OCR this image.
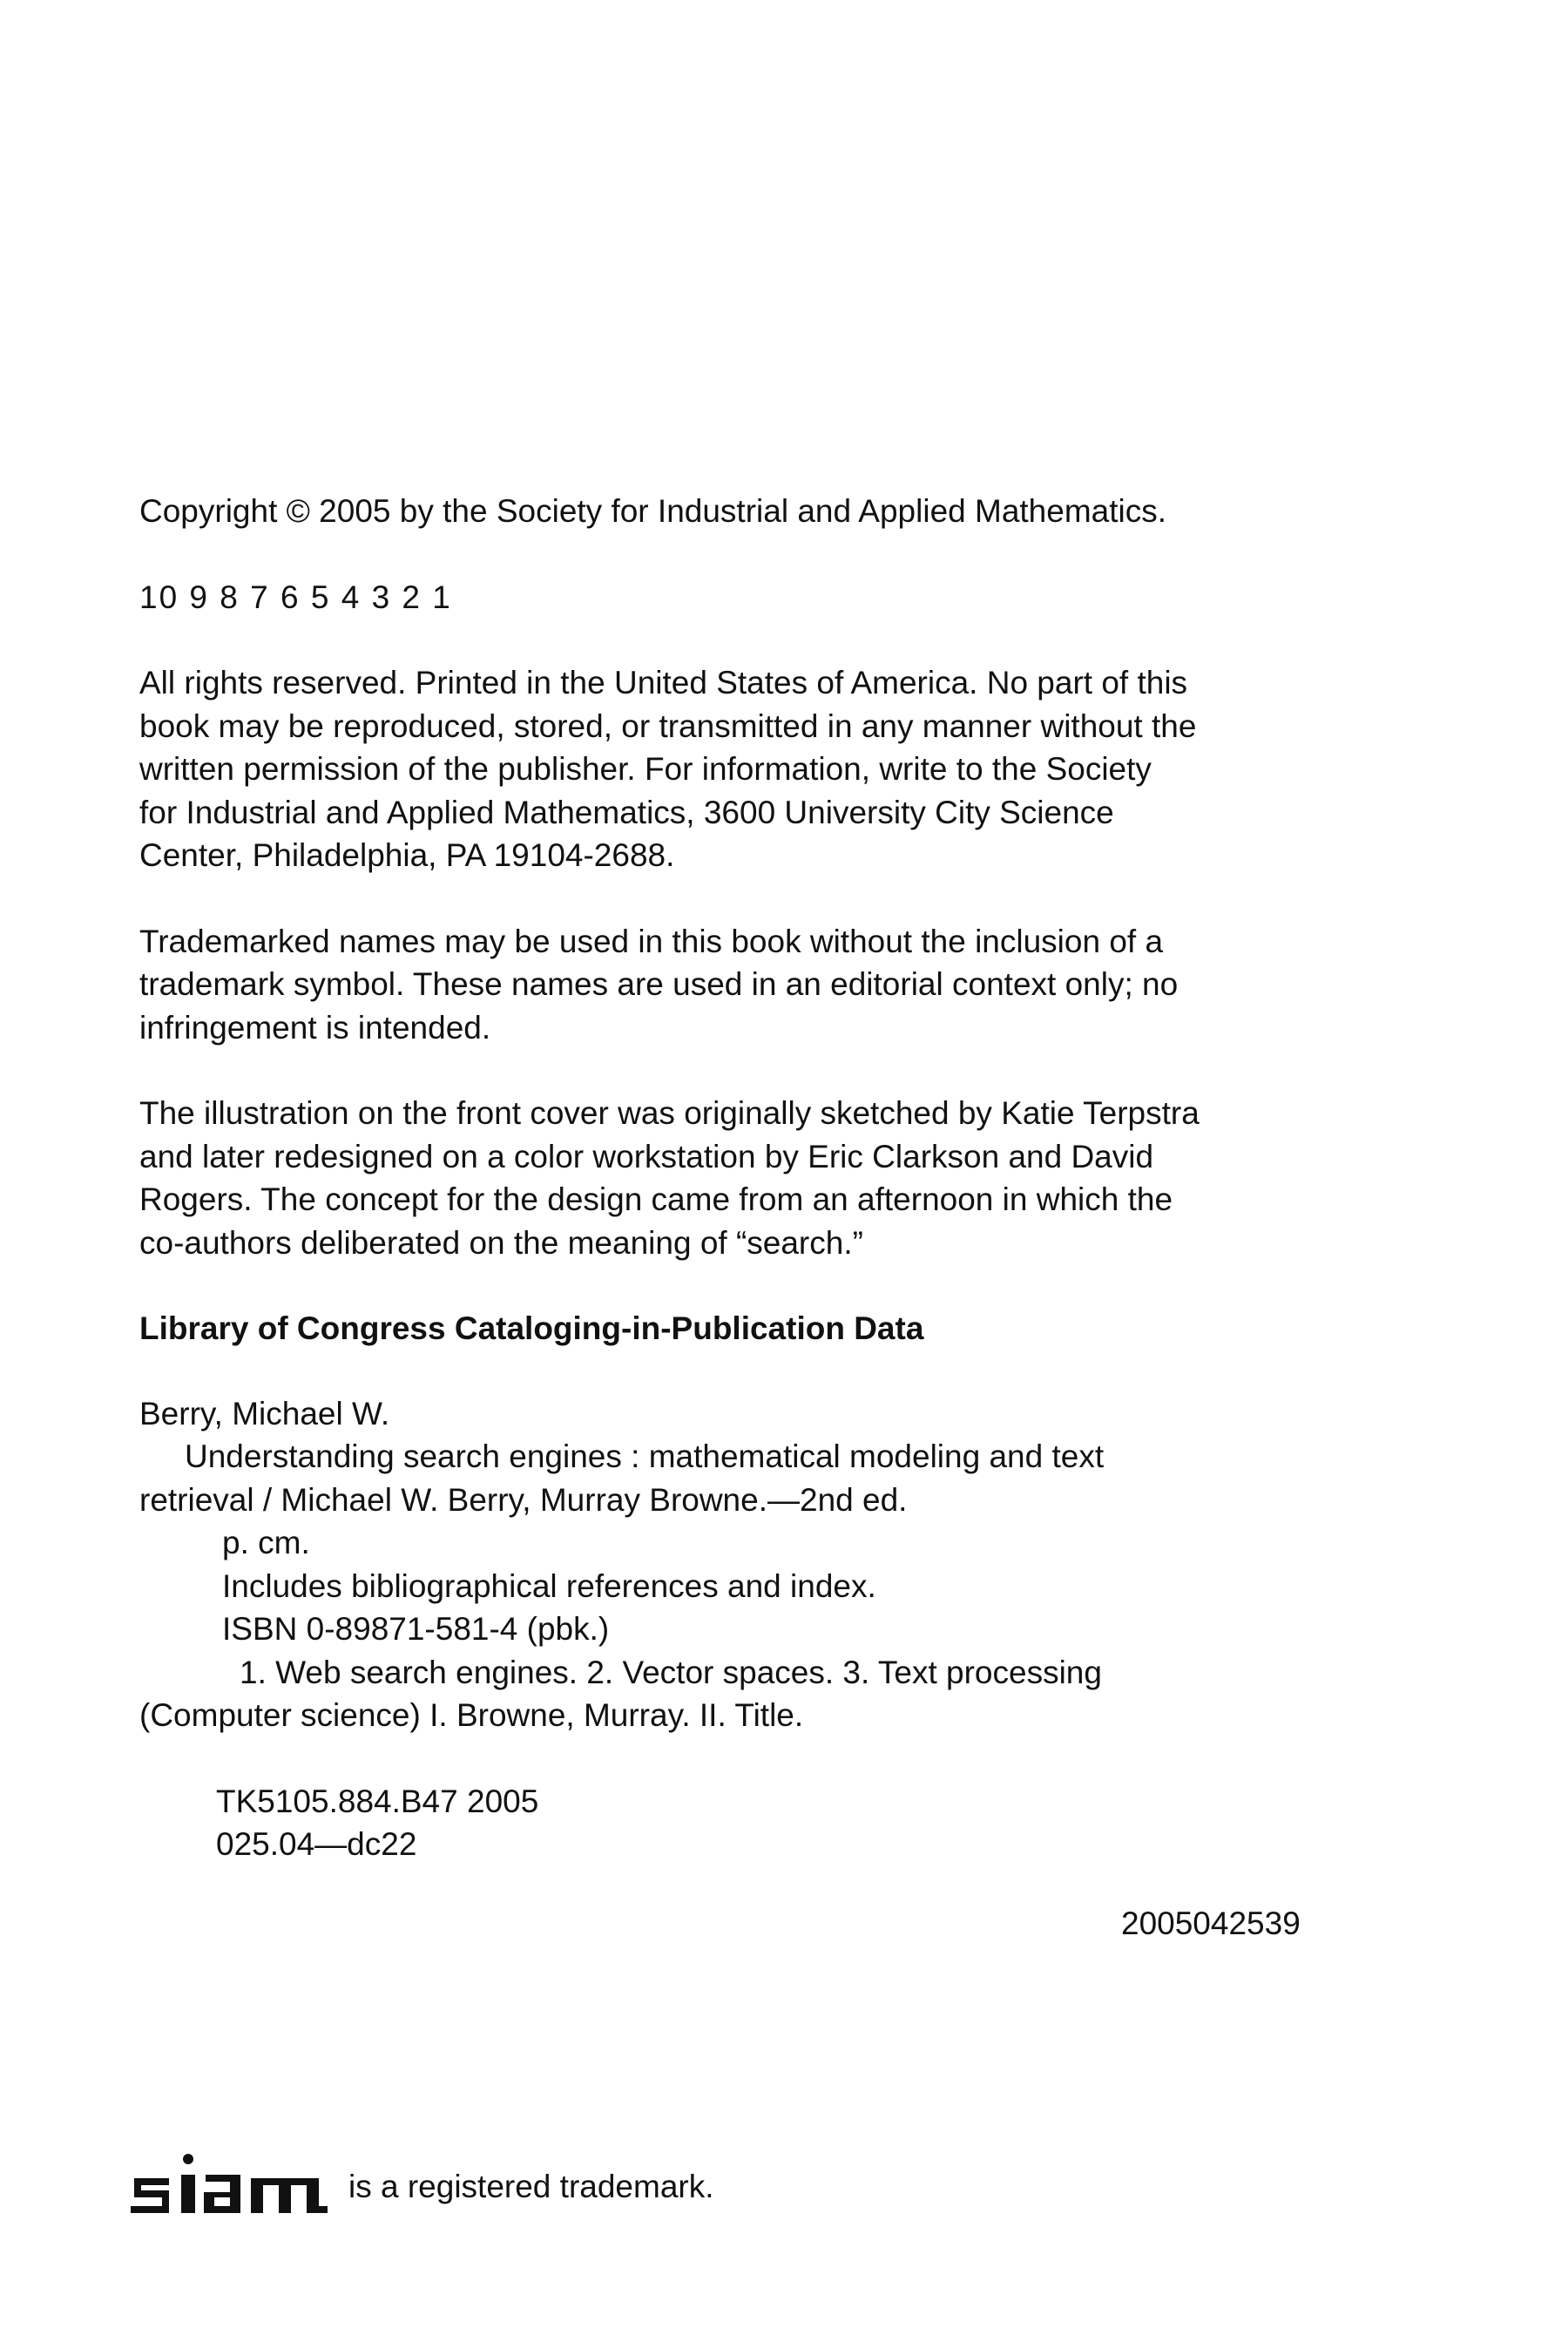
Copyright © 2005 by the Society for Industrial and Applied Mathematics.

10 9 8 7 6 5 4 3 2 1

All rights reserved. Printed in the United States of America. No part of this
book may be reproduced, stored, or transmitted in any manner without the
written permission of the publisher. For information, write to the Society
for Industrial and Applied Mathematics, 3600 University City Science
Center, Philadelphia, PA 19104-2688.

Trademarked names may be used in this book without the inclusion of a
trademark symbol. These names are used in an editorial context only; no
infringement is intended.

The illustration on the front cover was originally sketched by Katie Terpstra
and later redesigned on a color workstation by Eric Clarkson and David
Rogers. The concept for the design came from an afternoon in which the
co-authors deliberated on the meaning of “search.”

Library of Congress Cataloging-in-Publication Data

Berry, Michael W.
Understanding search engines : mathematical modeling and text
retrieval / Michael W. Berry, Murray Browne.—2nd ed.
p. cm.
Includes bibliographical references and index.
ISBN 0-89871-581-4 (pbk.)
1. Web search engines. 2. Vector spaces. 3. Text processing
(Computer science) I. Browne, Murray. II. Title.

TK5105.884.B47 2005
025.04—dc22

2005042539
is a registered trademark.
